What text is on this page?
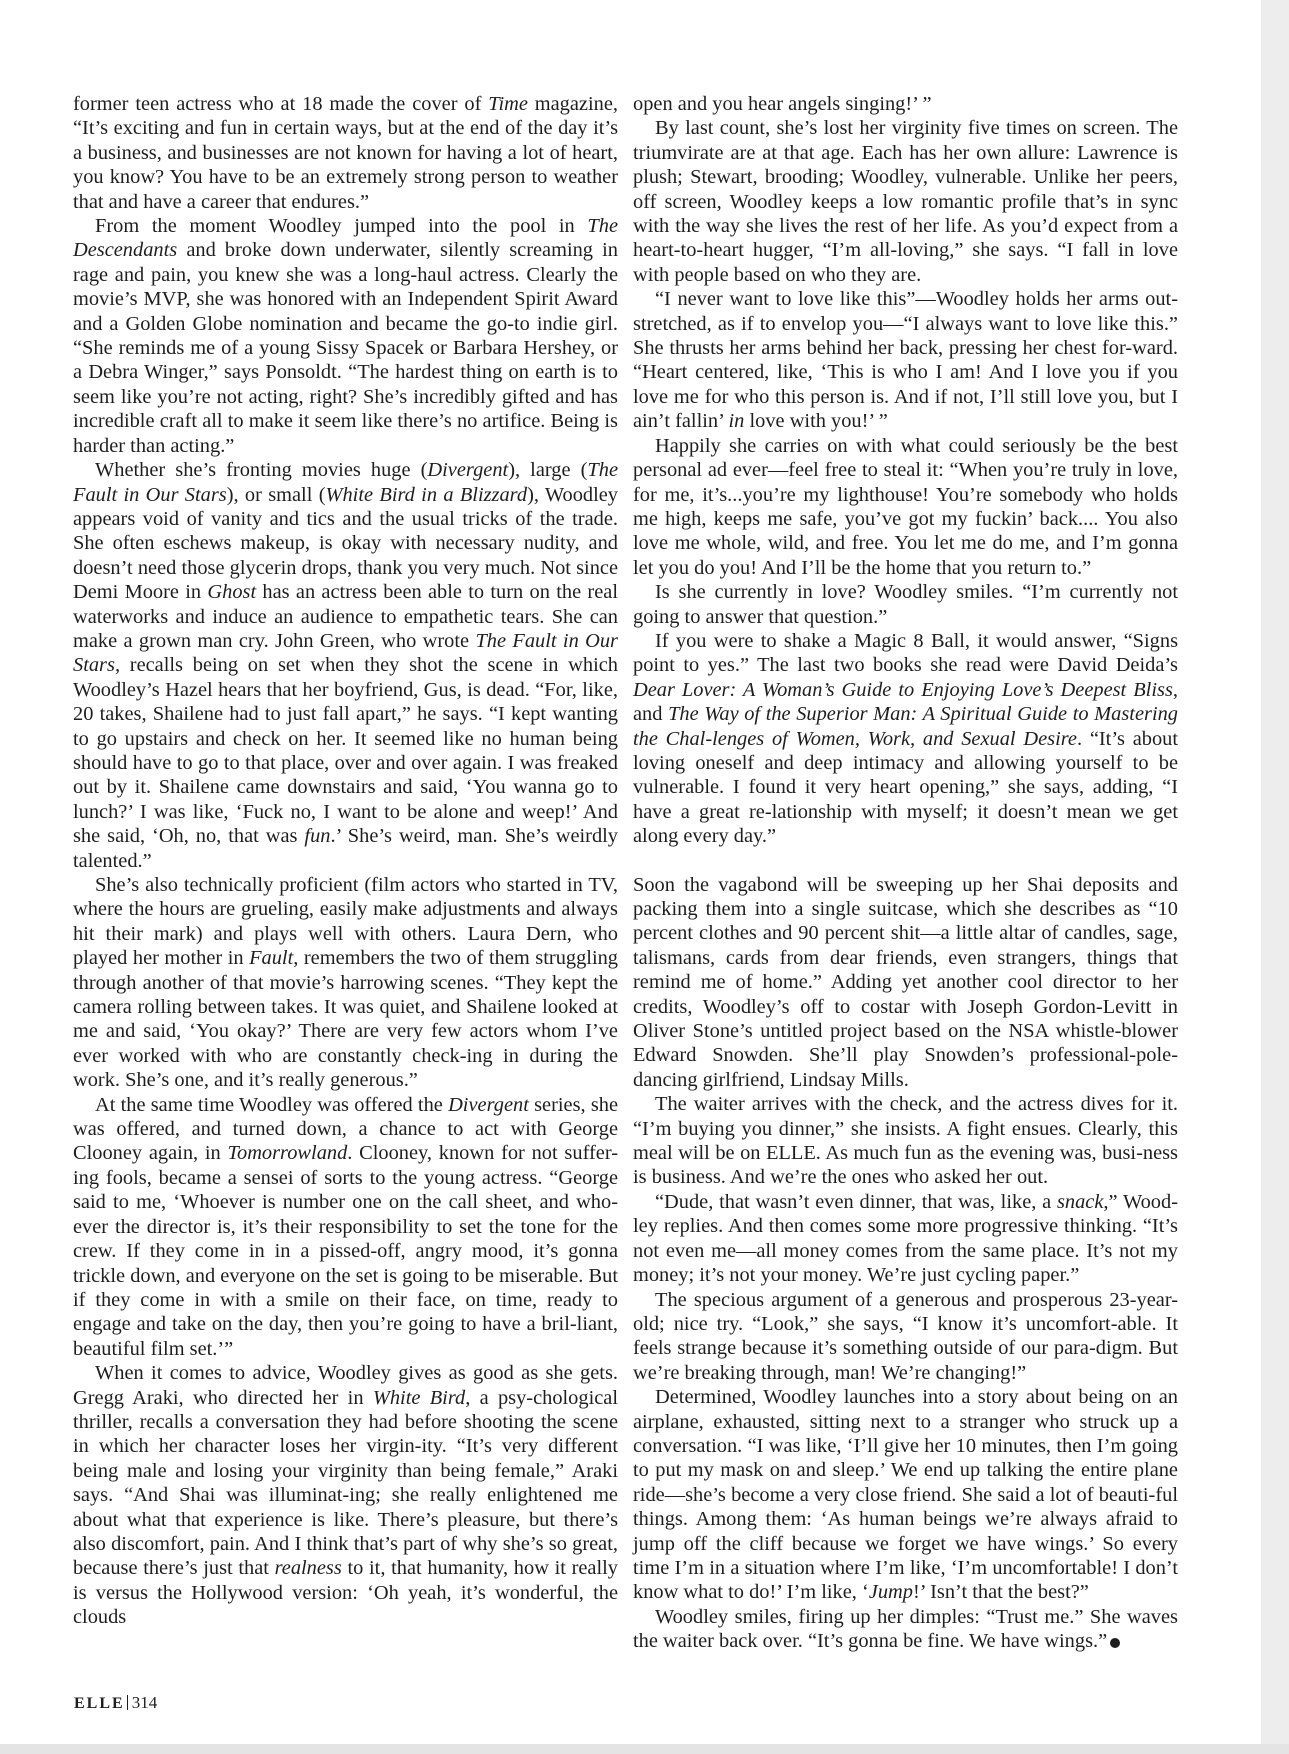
former teen actress who at 18 made the cover of Time magazine, “It’s exciting and fun in certain ways, but at the end of the day it’s a business, and businesses are not known for having a lot of heart, you know? You have to be an extremely strong person to weather that and have a career that endures.”

From the moment Woodley jumped into the pool in The Descendants and broke down underwater, silently screaming in rage and pain, you knew she was a long-haul actress. Clearly the movie’s MVP, she was honored with an Independent Spirit Award and a Golden Globe nomination and became the go-to indie girl. “She reminds me of a young Sissy Spacek or Barbara Hershey, or a Debra Winger,” says Ponsoldt. “The hardest thing on earth is to seem like you’re not acting, right? She’s incredibly gifted and has incredible craft all to make it seem like there’s no artifice. Being is harder than acting.”

Whether she’s fronting movies huge (Divergent), large (The Fault in Our Stars), or small (White Bird in a Blizzard), Woodley appears void of vanity and tics and the usual tricks of the trade. She often eschews makeup, is okay with necessary nudity, and doesn’t need those glycerin drops, thank you very much. Not since Demi Moore in Ghost has an actress been able to turn on the real waterworks and induce an audience to empathetic tears. She can make a grown man cry. John Green, who wrote The Fault in Our Stars, recalls being on set when they shot the scene in which Woodley’s Hazel hears that her boyfriend, Gus, is dead. “For, like, 20 takes, Shailene had to just fall apart,” he says. “I kept wanting to go upstairs and check on her. It seemed like no human being should have to go to that place, over and over again. I was freaked out by it. Shailene came downstairs and said, ‘You wanna go to lunch?’ I was like, ‘Fuck no, I want to be alone and weep!’ And she said, ‘Oh, no, that was fun.’ She’s weird, man. She’s weirdly talented.”

She’s also technically proficient (film actors who started in TV, where the hours are grueling, easily make adjustments and always hit their mark) and plays well with others. Laura Dern, who played her mother in Fault, remembers the two of them struggling through another of that movie’s harrowing scenes. “They kept the camera rolling between takes. It was quiet, and Shailene looked at me and said, ‘You okay?’ There are very few actors whom I’ve ever worked with who are constantly check-ing in during the work. She’s one, and it’s really generous.”

At the same time Woodley was offered the Divergent series, she was offered, and turned down, a chance to act with George Clooney again, in Tomorrowland. Clooney, known for not suffer-ing fools, became a sensei of sorts to the young actress. “George said to me, ‘Whoever is number one on the call sheet, and who-ever the director is, it’s their responsibility to set the tone for the crew. If they come in in a pissed-off, angry mood, it’s gonna trickle down, and everyone on the set is going to be miserable. But if they come in with a smile on their face, on time, ready to engage and take on the day, then you’re going to have a bril-liant, beautiful film set.’”

When it comes to advice, Woodley gives as good as she gets. Gregg Araki, who directed her in White Bird, a psy-chological thriller, recalls a conversation they had before shooting the scene in which her character loses her virgin-ity. “It’s very different being male and losing your virginity than being female,” Araki says. “And Shai was illuminat-ing; she really enlightened me about what that experience is like. There’s pleasure, but there’s also discomfort, pain. And I think that’s part of why she’s so great, because there’s just that realness to it, that humanity, how it really is versus the Hollywood version: ‘Oh yeah, it’s wonderful, the clouds

open and you hear angels singing!’ ”

By last count, she’s lost her virginity five times on screen. The triumvirate are at that age. Each has her own allure: Lawrence is plush; Stewart, brooding; Woodley, vulnerable. Unlike her peers, off screen, Woodley keeps a low romantic profile that’s in sync with the way she lives the rest of her life. As you’d expect from a heart-to-heart hugger, “I’m all-loving,” she says. “I fall in love with people based on who they are.

“I never want to love like this”—Woodley holds her arms out-stretched, as if to envelop you—“I always want to love like this.” She thrusts her arms behind her back, pressing her chest for-ward. “Heart centered, like, ‘This is who I am! And I love you if you love me for who this person is. And if not, I’ll still love you, but I ain’t fallin’ in love with you!’ ”

Happily she carries on with what could seriously be the best personal ad ever—feel free to steal it: “When you’re truly in love, for me, it’s...you’re my lighthouse! You’re somebody who holds me high, keeps me safe, you’ve got my fuckin’ back.... You also love me whole, wild, and free. You let me do me, and I’m gonna let you do you! And I’ll be the home that you return to.”

Is she currently in love? Woodley smiles. “I’m currently not going to answer that question.”

If you were to shake a Magic 8 Ball, it would answer, “Signs point to yes.” The last two books she read were David Deida’s Dear Lover: A Woman’s Guide to Enjoying Love’s Deepest Bliss, and The Way of the Superior Man: A Spiritual Guide to Mastering the Chal-lenges of Women, Work, and Sexual Desire. “It’s about loving oneself and deep intimacy and allowing yourself to be vulnerable. I found it very heart opening,” she says, adding, “I have a great re-lationship with myself; it doesn’t mean we get along every day.”

Soon the vagabond will be sweeping up her Shai deposits and packing them into a single suitcase, which she describes as “10 percent clothes and 90 percent shit—a little altar of candles, sage, talismans, cards from dear friends, even strangers, things that remind me of home.” Adding yet another cool director to her credits, Woodley’s off to costar with Joseph Gordon-Levitt in Oliver Stone’s untitled project based on the NSA whistle-blower Edward Snowden. She’ll play Snowden’s professional-pole-dancing girlfriend, Lindsay Mills.

The waiter arrives with the check, and the actress dives for it. “I’m buying you dinner,” she insists. A fight ensues. Clearly, this meal will be on ELLE. As much fun as the evening was, busi-ness is business. And we’re the ones who asked her out.

“Dude, that wasn’t even dinner, that was, like, a snack,” Wood-ley replies. And then comes some more progressive thinking. “It’s not even me—all money comes from the same place. It’s not my money; it’s not your money. We’re just cycling paper.”

The specious argument of a generous and prosperous 23-year-old; nice try. “Look,” she says, “I know it’s uncomfort-able. It feels strange because it’s something outside of our para-digm. But we’re breaking through, man! We’re changing!”

Determined, Woodley launches into a story about being on an airplane, exhausted, sitting next to a stranger who struck up a conversation. “I was like, ‘I’ll give her 10 minutes, then I’m going to put my mask on and sleep.’ We end up talking the entire plane ride—she’s become a very close friend. She said a lot of beauti-ful things. Among them: ‘As human beings we’re always afraid to jump off the cliff because we forget we have wings.’ So every time I’m in a situation where I’m like, ‘I’m uncomfortable! I don’t know what to do!’ I’m like, ‘Jump!’ Isn’t that the best?”

Woodley smiles, firing up her dimples: “Trust me.” She waves the waiter back over. “It’s gonna be fine. We have wings.”

ELLE 314
